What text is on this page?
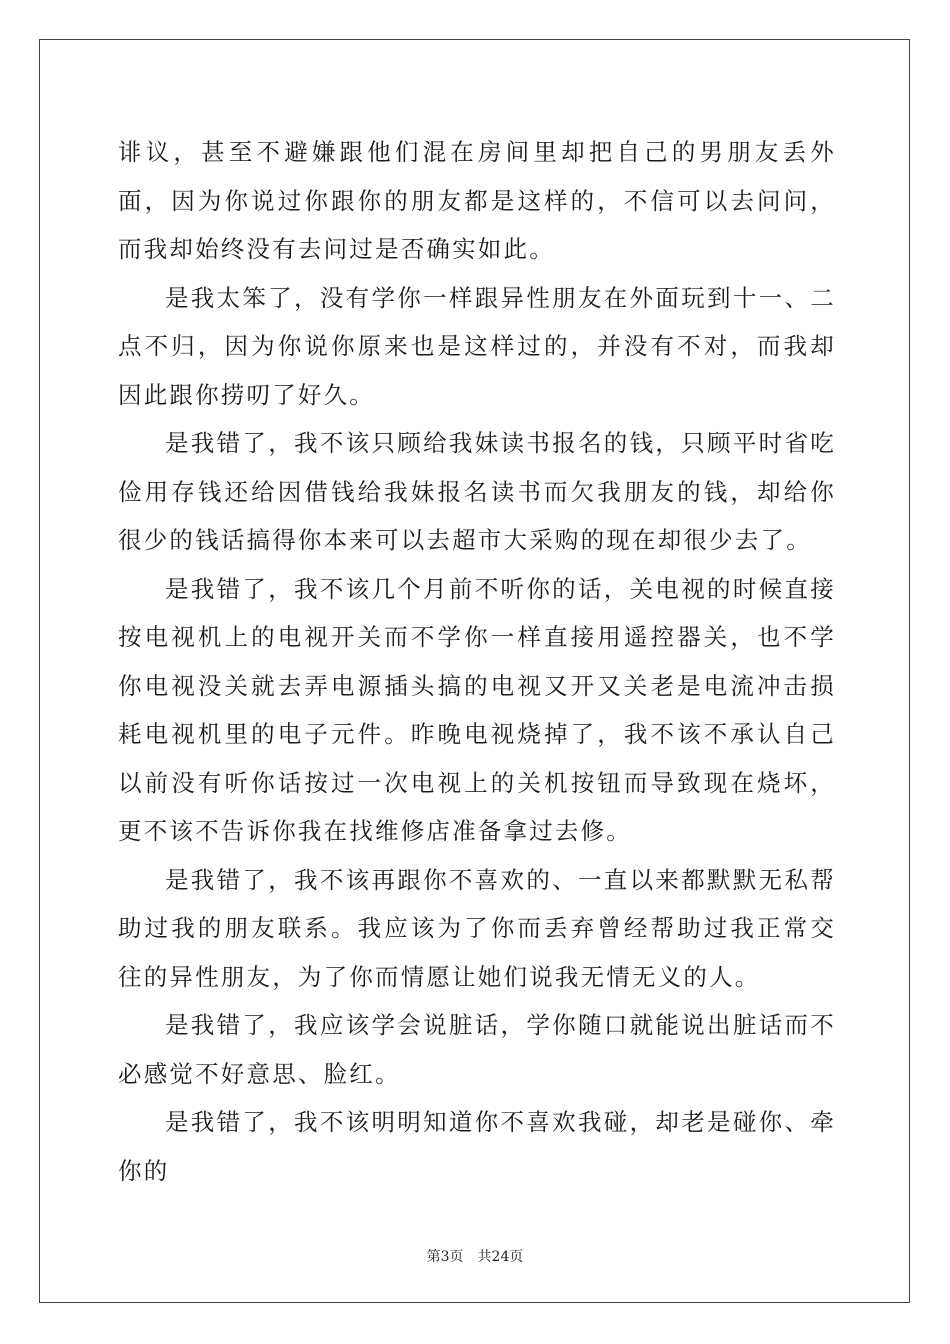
诽议，甚至不避嫌跟他们混在房间里却把自己的男朋友丢外面，因为你说过你跟你的朋友都是这样的，不信可以去问问，而我却始终没有去问过是否确实如此。

是我太笨了，没有学你一样跟异性朋友在外面玩到十一、二点不归，因为你说你原来也是这样过的，并没有不对，而我却因此跟你捞叨了好久。

是我错了，我不该只顾给我妹读书报名的钱，只顾平时省吃俭用存钱还给因借钱给我妹报名读书而欠我朋友的钱，却给你很少的钱话搞得你本来可以去超市大采购的现在却很少去了。

是我错了，我不该几个月前不听你的话，关电视的时候直接按电视机上的电视开关而不学你一样直接用遥控器关，也不学你电视没关就去弄电源插头搞的电视又开又关老是电流冲击损耗电视机里的电子元件。昨晚电视烧掉了，我不该不承认自己以前没有听你话按过一次电视上的关机按钮而导致现在烧坏，更不该不告诉你我在找维修店准备拿过去修。

是我错了，我不该再跟你不喜欢的、一直以来都默默无私帮助过我的朋友联系。我应该为了你而丢弃曾经帮助过我正常交往的异性朋友，为了你而情愿让她们说我无情无义的人。

是我错了，我应该学会说脏话，学你随口就能说出脏话而不必感觉不好意思、脸红。

是我错了，我不该明明知道你不喜欢我碰，却老是碰你、牵你的

第3页 共24页
